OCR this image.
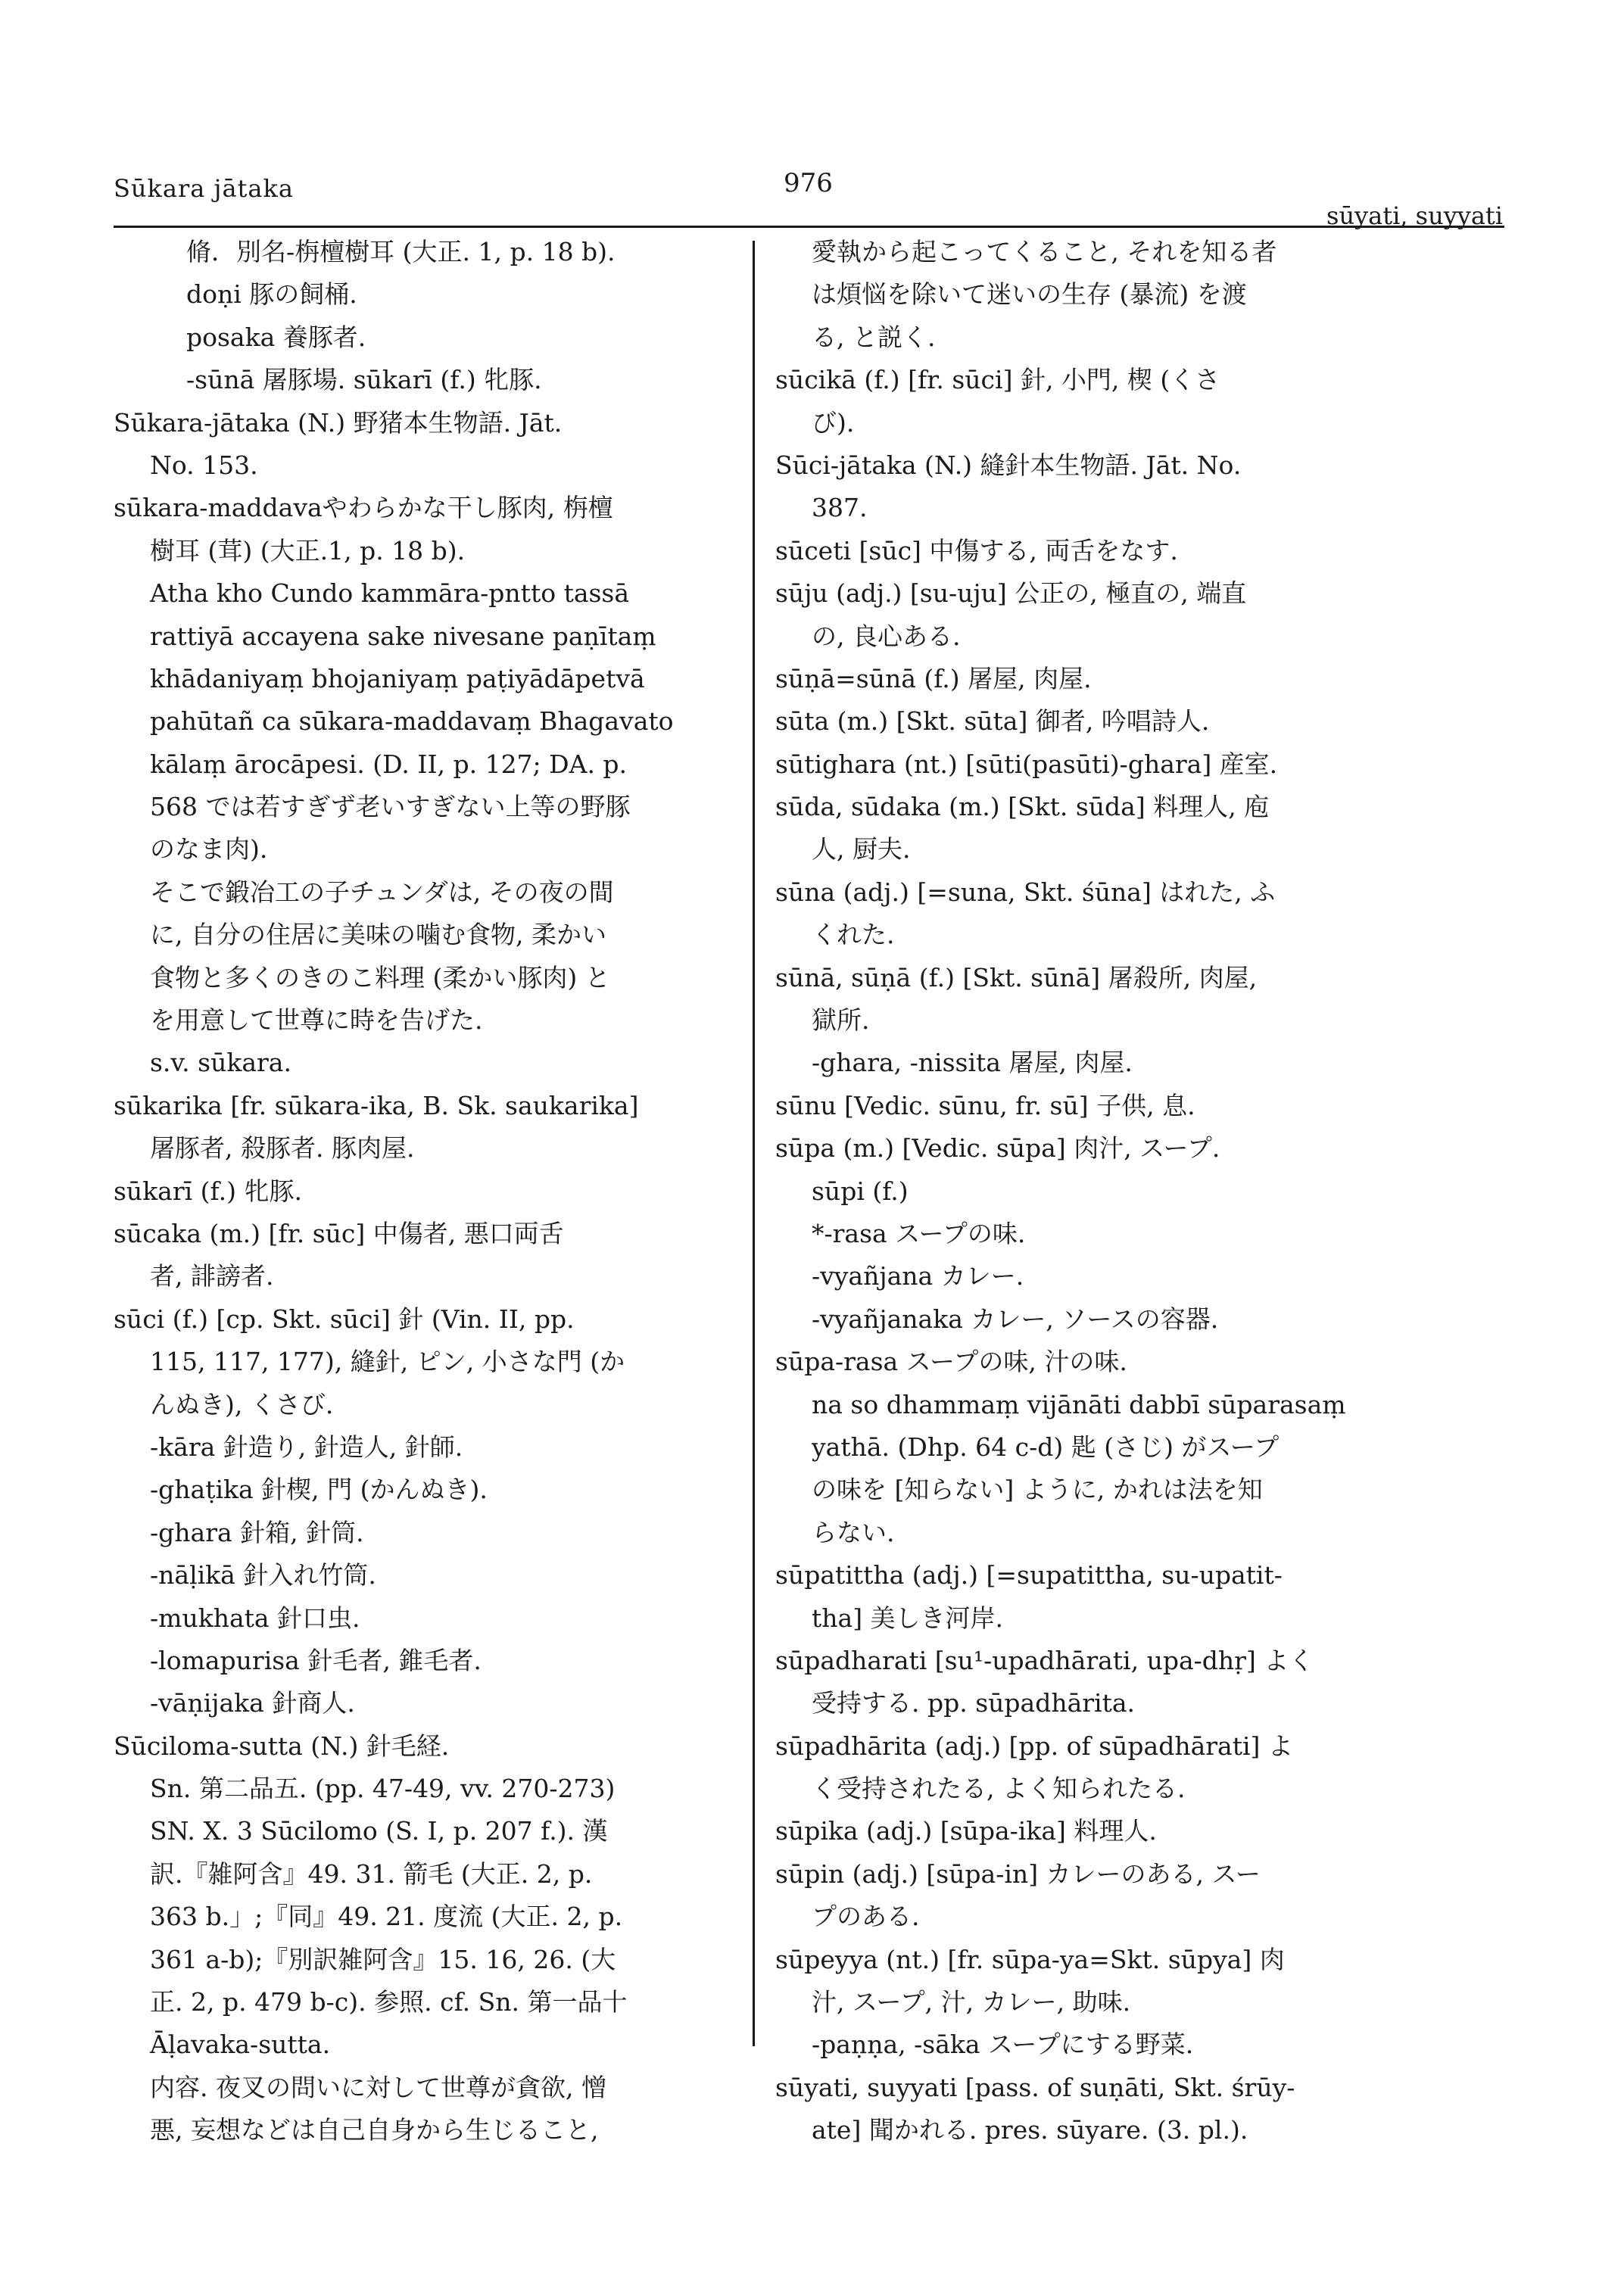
Sūkara jātaka	976
sūyati, suyyati
脩．別名-栴檀樹耳 (大正. 1, p. 18 b).
doṇi 豚の飼桶.
posaka 養豚者.
-sūnā 屠豚場. sūkarī (f.) 牝豚.
Sūkara-jātaka (N.) 野猪本生物語. Jāt.
No. 153.
sūkara-maddavaやわらかな干し豚肉, 栴檀
樹耳 (茸) (大正.1, p. 18 b).
Atha kho Cundo kammāra-pntto tassā
rattiyā accayena sake nivesane paṇītaṃ
khādaniyaṃ bhojaniyaṃ paṭiyādāpetvā
pahūtañ ca sūkara-maddavaṃ Bhagavato
kālaṃ ārocāpesi. (D. II, p. 127; DA. p.
568 では若すぎず老いすぎない上等の野豚
のなま肉).
そこで鍛冶工の子チュンダは, その夜の間
に, 自分の住居に美味の噛む食物, 柔かい
食物と多くのきのこ料理 (柔かい豚肉) と
を用意して世尊に時を告げた.
s.v. sūkara.
sūkarika [fr. sūkara-ika, B. Sk. saukarika]
屠豚者, 殺豚者. 豚肉屋.
sūkarī (f.) 牝豚.
sūcaka (m.) [fr. sūc] 中傷者, 悪口両舌
者, 誹謗者.
sūci (f.) [cp. Skt. sūci] 針 (Vin. II, pp.
115, 117, 177), 縫針, ピン, 小さな門 (か
んぬき), くさび.
-kāra 針造り, 針造人, 針師.
-ghaṭika 針楔, 門 (かんぬき).
-ghara 針箱, 針筒.
-nāḷikā 針入れ竹筒.
-mukhata 針口虫.
-lomapurisa 針毛者, 錐毛者.
-vāṇijaka 針商人.
Sūciloma-sutta (N.) 針毛経.
Sn. 第二品五. (pp. 47-49, vv. 270-273)
SN. X. 3 Sūcilomo (S. I, p. 207 f.). 漢
訳.『雑阿含』49. 31. 箭毛 (大正. 2, p.
363 b.」;『同』49. 21. 度流 (大正. 2, p.
361 a-b);『別訳雑阿含』15. 16, 26. (大
正. 2, p. 479 b-c). 参照. cf. Sn. 第一品十
Āḷavaka-sutta.
内容. 夜叉の問いに対して世尊が貪欲, 憎
悪, 妄想などは自己自身から生じること,
愛執から起こってくること, それを知る者
は煩悩を除いて迷いの生存 (暴流) を渡
る, と説く.
sūcikā (f.) [fr. sūci] 針, 小門, 楔 (くさ
び).
Sūci-jātaka (N.) 縫針本生物語. Jāt. No.
387.
sūceti [sūc] 中傷する, 両舌をなす.
sūju (adj.) [su-uju] 公正の, 極直の, 端直
の, 良心ある.
sūṇā=sūnā (f.) 屠屋, 肉屋.
sūta (m.) [Skt. sūta] 御者, 吟唱詩人.
sūtighara (nt.) [sūti(pasūti)-ghara] 産室.
sūda, sūdaka (m.) [Skt. sūda] 料理人, 庖
人, 厨夫.
sūna (adj.) [=suna, Skt. śūna] はれた, ふ
くれた.
sūnā, sūṇā (f.) [Skt. sūnā] 屠殺所, 肉屋,
獄所.
-ghara, -nissita 屠屋, 肉屋.
sūnu [Vedic. sūnu, fr. sū] 子供, 息.
sūpa (m.) [Vedic. sūpa] 肉汁, スープ.
sūpi (f.)
*-rasa スープの味.
-vyañjana カレー.
-vyañjanaka カレー, ソースの容器.
sūpa-rasa スープの味, 汁の味.
na so dhammaṃ vijānāti dabbī sūparasaṃ
yathā. (Dhp. 64 c-d) 匙 (さじ) がスープ
の味を [知らない] ように, かれは法を知
らない.
sūpatittha (adj.) [=supatittha, su-upatit-
tha] 美しき河岸.
sūpadharati [su¹-upadhārati, upa-dhṛ] よく
受持する. pp. sūpadhārita.
sūpadhārita (adj.) [pp. of sūpadhārati] よ
く受持されたる, よく知られたる.
sūpika (adj.) [sūpa-ika] 料理人.
sūpin (adj.) [sūpa-in] カレーのある, スー
プのある.
sūpeyya (nt.) [fr. sūpa-ya=Skt. sūpya] 肉
汁, スープ, 汁, カレー, 助味.
-paṇṇa, -sāka スープにする野菜.
sūyati, suyyati [pass. of suṇāti, Skt. śrūy-
ate] 聞かれる. pres. sūyare. (3. pl.).
